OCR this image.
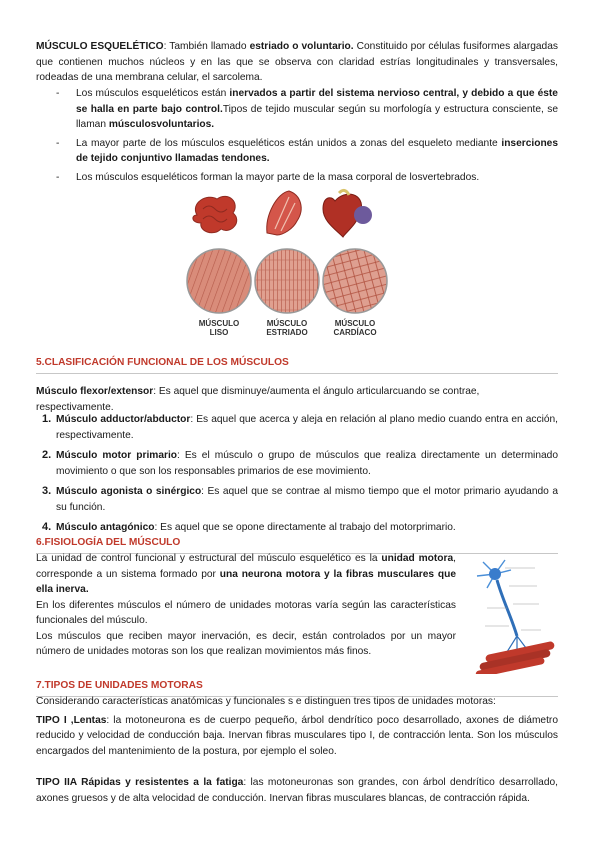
MÚSCULO ESQUELÉTICO: También llamado estriado o voluntario. Constituido por células fusiformes alargadas que contienen muchos núcleos y en las que se observa con claridad estrías longitudinales y transversales, rodeadas de una membrana celular, el sarcolema.

- Los músculos esqueléticos están inervados a partir del sistema nervioso central, y debido a que éste se halla en parte bajo control.Tipos de tejido muscular según su morfología y estructura consciente, se llaman músculosvoluntarios.
- La mayor parte de los músculos esqueléticos están unidos a zonas del esqueleto mediante inserciones de tejido conjuntivo llamadas tendones.
- Los músculos esqueléticos forman la mayor parte de la masa corporal de losvertebrados.
MÚSCULO
LISO
MÚSCULO
ESTRIADO
MÚSCULO
CARDÍACO
5.CLASIFICACIÓN FUNCIONAL DE LOS MÚSCULOS

Músculo flexor/extensor: Es aquel que disminuye/aumenta el ángulo articularcuando se contrae, respectivamente.

1. Músculo adductor/abductor: Es aquel que acerca y aleja en relación al plano medio cuando entra en acción, respectivamente.
2. Músculo motor primario: Es el músculo o grupo de músculos que realiza directamente un determinado movimiento o que son los responsables primarios de ese movimiento.
3. Músculo agonista o sinérgico: Es aquel que se contrae al mismo tiempo que el motor primario ayudando a su función.
4. Músculo antagónico: Es aquel que se opone directamente al trabajo del motorprimario.
6.FISIOLOGÍA DEL MÚSCULO

La unidad de control funcional y estructural del músculo esquelético es la unidad motora, corresponde a un sistema formado por una neurona motora y la fibras musculares que ella inerva.

En los diferentes músculos el número de unidades motoras varía según las características funcionales del músculo.

Los músculos que reciben mayor inervación, es decir, están controlados por un mayor número de unidades motoras son los que realizan movimientos más finos.

7.TIPOS DE UNIDADES MOTORAS

Considerando características anatómicas y funcionales s e distinguen tres tipos de unidades motoras:

TIPO I ,Lentas: la motoneurona es de cuerpo pequeño, árbol dendrítico poco desarrollado, axones de diámetro reducido y velocidad de conducción baja. Inervan fibras musculares tipo I, de contracción lenta. Son los músculos encargados del mantenimiento de la postura, por ejemplo el soleo.

TIPO IIA Rápidas y resistentes a la fatiga: las motoneuronas son grandes, con árbol dendrítico desarrollado, axones gruesos y de alta velocidad de conducción. Inervan fibras musculares blancas, de contracción rápida.
